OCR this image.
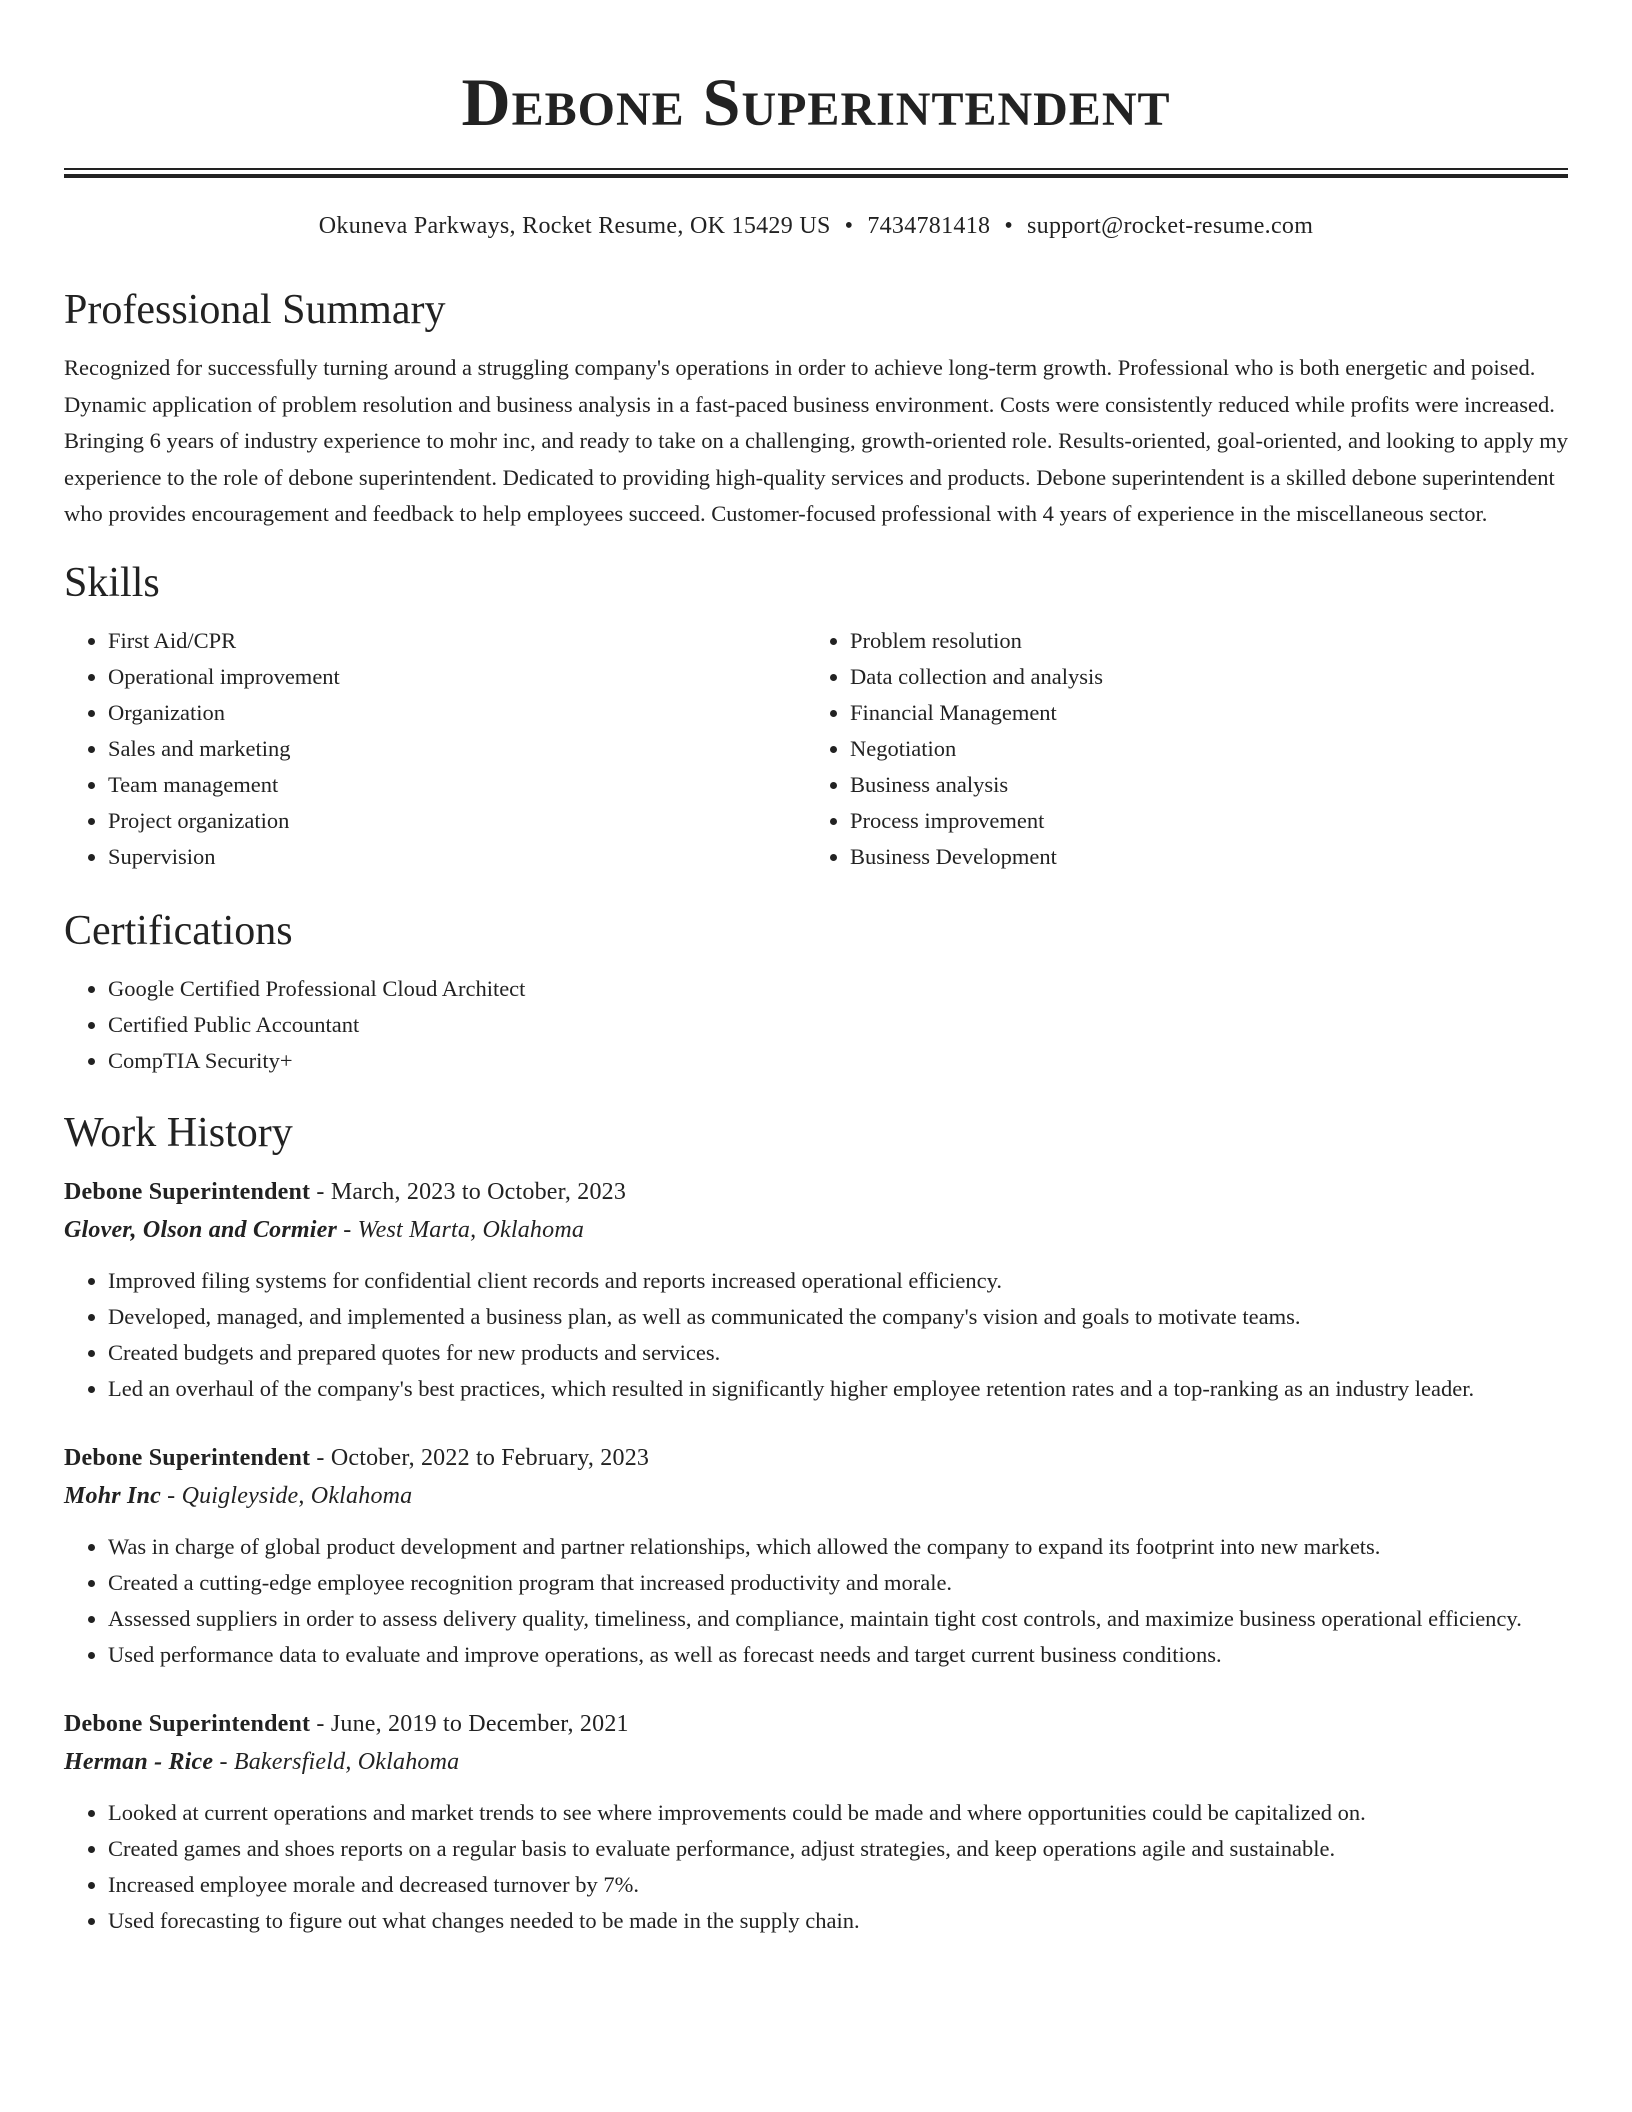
Debone Superintendent
Okuneva Parkways, Rocket Resume, OK 15429 US • 7434781418 • support@rocket-resume.com
Professional Summary

Recognized for successfully turning around a struggling company's operations in order to achieve long-term growth. Professional who is both energetic and poised. Dynamic application of problem resolution and business analysis in a fast-paced business environment. Costs were consistently reduced while profits were increased. Bringing 6 years of industry experience to mohr inc, and ready to take on a challenging, growth-oriented role. Results-oriented, goal-oriented, and looking to apply my experience to the role of debone superintendent. Dedicated to providing high-quality services and products. Debone superintendent is a skilled debone superintendent who provides encouragement and feedback to help employees succeed. Customer-focused professional with 4 years of experience in the miscellaneous sector.

Skills
• First Aid/CPR
• Operational improvement
• Organization
• Sales and marketing
• Team management
• Project organization
• Supervision
• Problem resolution
• Data collection and analysis
• Financial Management
• Negotiation
• Business analysis
• Process improvement
• Business Development
Certifications
• Google Certified Professional Cloud Architect
• Certified Public Accountant
• CompTIA Security+
Work History
Debone Superintendent - March, 2023 to October, 2023
Glover, Olson and Cormier - West Marta, Oklahoma
• Improved filing systems for confidential client records and reports increased operational efficiency.
• Developed, managed, and implemented a business plan, as well as communicated the company's vision and goals to motivate teams.
• Created budgets and prepared quotes for new products and services.
• Led an overhaul of the company's best practices, which resulted in significantly higher employee retention rates and a top-ranking as an industry leader.
Debone Superintendent - October, 2022 to February, 2023
Mohr Inc - Quigleyside, Oklahoma
• Was in charge of global product development and partner relationships, which allowed the company to expand its footprint into new markets.
• Created a cutting-edge employee recognition program that increased productivity and morale.
• Assessed suppliers in order to assess delivery quality, timeliness, and compliance, maintain tight cost controls, and maximize business operational efficiency.
• Used performance data to evaluate and improve operations, as well as forecast needs and target current business conditions.
Debone Superintendent - June, 2019 to December, 2021
Herman - Rice - Bakersfield, Oklahoma
• Looked at current operations and market trends to see where improvements could be made and where opportunities could be capitalized on.
• Created games and shoes reports on a regular basis to evaluate performance, adjust strategies, and keep operations agile and sustainable.
• Increased employee morale and decreased turnover by 7%.
• Used forecasting to figure out what changes needed to be made in the supply chain.
